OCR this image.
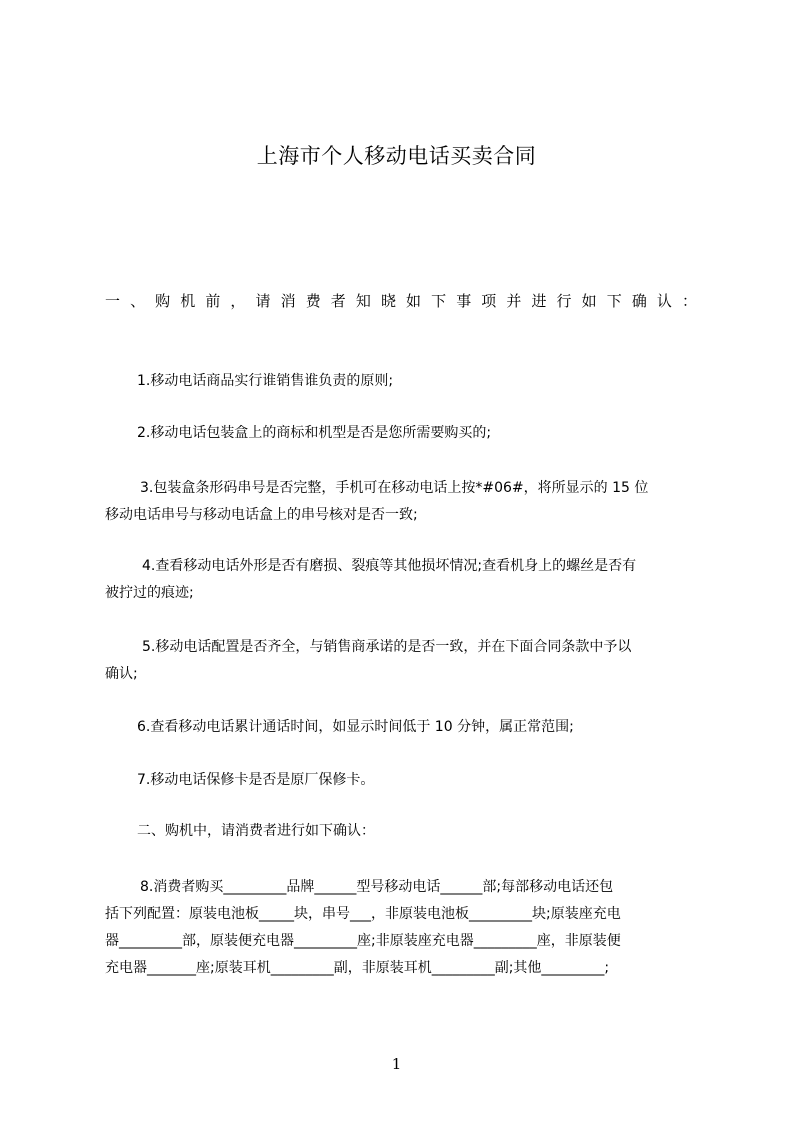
上海市个人移动电话买卖合同
一、购机前，请消费者知晓如下事项并进行如下确认：

1.移动电话商品实行谁销售谁负责的原则;

2.移动电话包装盒上的商标和机型是否是您所需要购买的;

3.包装盒条形码串号是否完整，手机可在移动电话上按*#06#，将所显示的 15 位
移动电话串号与移动电话盒上的串号核对是否一致;

4.查看移动电话外形是否有磨损、裂痕等其他损坏情况;查看机身上的螺丝是否有
被拧过的痕迹;

5.移动电话配置是否齐全，与销售商承诺的是否一致，并在下面合同条款中予以
确认;

6.查看移动电话累计通话时间，如显示时间低于 10 分钟，属正常范围;

7.移动电话保修卡是否是原厂保修卡。

二、购机中，请消费者进行如下确认：

8.消费者购买_________品牌______型号移动电话______部;每部移动电话还包
括下列配置：原装电池板_____块，串号___，非原装电池板_________块;原装座充电
器_________部，原装便充电器_________座;非原装座充电器_________座，非原装便
充电器_______座;原装耳机_________副，非原装耳机_________副;其他_________;

1
